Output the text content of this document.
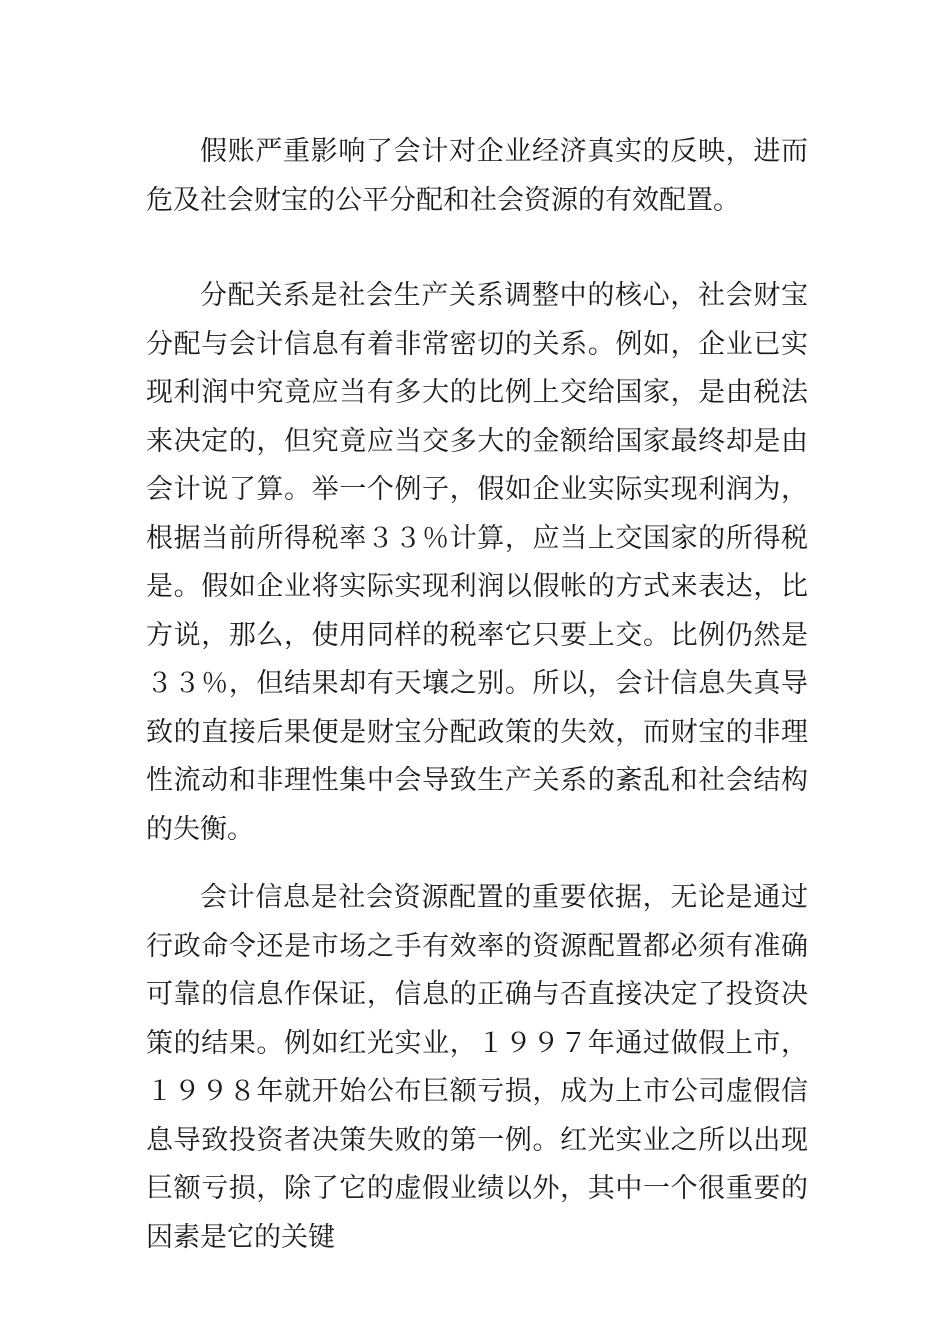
假账严重影响了会计对企业经济真实的反映，进而危及社会财宝的公平分配和社会资源的有效配置。

分配关系是社会生产关系调整中的核心，社会财宝分配与会计信息有着非常密切的关系。例如，企业已实现利润中究竟应当有多大的比例上交给国家，是由税法来决定的，但究竟应当交多大的金额给国家最终却是由会计说了算。举一个例子，假如企业实际实现利润为，根据当前所得税率３３％计算，应当上交国家的所得税是。假如企业将实际实现利润以假帐的方式来表达，比方说，那么，使用同样的税率它只要上交。比例仍然是３３％，但结果却有天壤之别。所以，会计信息失真导致的直接后果便是财宝分配政策的失效，而财宝的非理性流动和非理性集中会导致生产关系的紊乱和社会结构的失衡。

会计信息是社会资源配置的重要依据，无论是通过行政命令还是市场之手有效率的资源配置都必须有准确可靠的信息作保证，信息的正确与否直接决定了投资决策的结果。例如红光实业，１９９７年通过做假上市，１９９８年就开始公布巨额亏损，成为上市公司虚假信息导致投资者决策失败的第一例。红光实业之所以出现巨额亏损，除了它的虚假业绩以外，其中一个很重要的因素是它的关键
